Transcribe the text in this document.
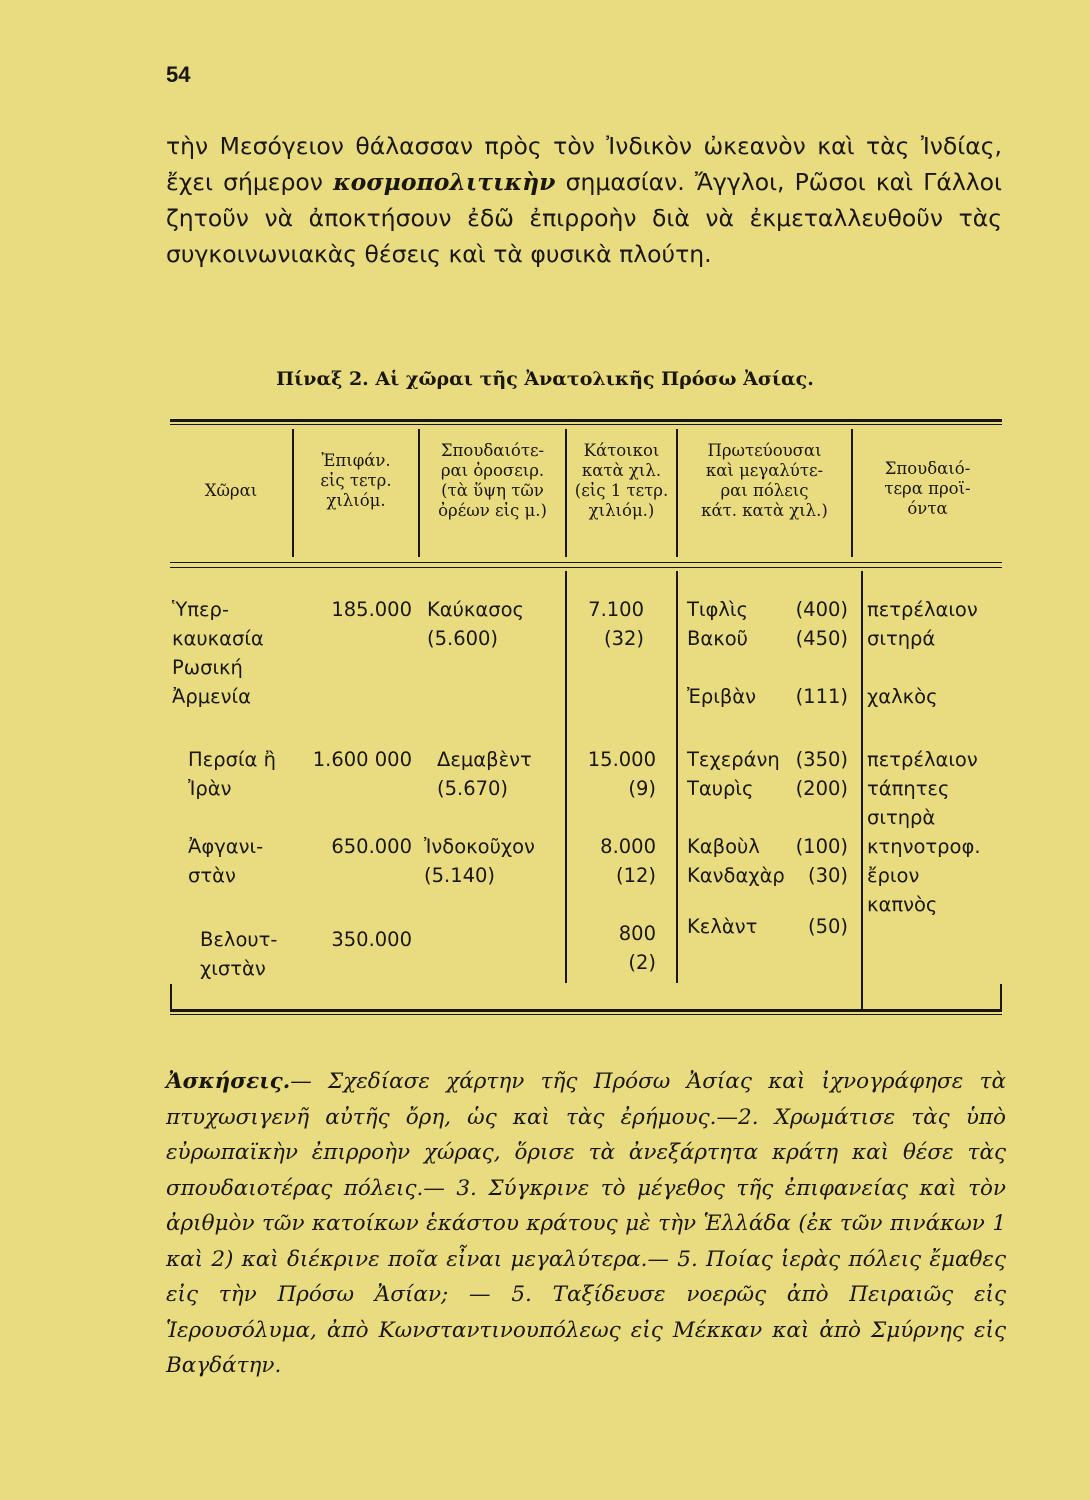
54

τὴν Μεσόγειον θάλασσαν πρὸς τὸν Ἰνδικὸν ὠκεανὸν καὶ τὰς Ἰνδίας, ἔχει σήμερον κοσμοπολιτικὴν σημασίαν. Ἄγγλοι, Ρῶσοι καὶ Γάλλοι ζητοῦν νὰ ἀποκτήσουν ἐδῶ ἐπιρροὴν διὰ νὰ ἐκμεταλλευθοῦν τὰς συγκοινωνιακὰς θέσεις καὶ τὰ φυσικὰ πλούτη.

Πίναξ 2. Αἱ χῶραι τῆς Ἀνατολικῆς Πρόσω Ἀσίας.
Χῶραι
Ἐπιφάν.
εἰς τετρ.
χιλιόμ.
Σπουδαιότε-
ραι ὀροσειρ.
(τὰ ὕψη τῶν
ὀρέων εἰς μ.)
Κάτοικοι
κατὰ χιλ.
(εἰς 1 τετρ.
χιλιόμ.)
Πρωτεύουσαι
καὶ μεγαλύτε-
ραι πόλεις
κάτ. κατὰ χιλ.)
Σπουδαιό-
τερα προϊ-
όντα
Ὑπερ-
καυκασία
Ρωσική
Ἀρμενία
185.000 Καύκασος
(5.600)
7.100
(32)
Τιφλὶς
Βακοῦ

Ἐριβὰν
(400)
(450)

(111)
πετρέλαιον
σιτηρά

χαλκὸς
Περσία ἢ
Ἰρὰν
1.600 000 Δεμαβὲντ
(5.670)
15.000
(9)
Τεχεράνη
Ταυρὶς
(350)
(200)
πετρέλαιον
τάπητες
σιτηρὰ
Ἀφγανι-
στὰν
650.000 Ἰνδοκοῦχον
(5.140)
8.000
(12)
Καβοὺλ
Κανδαχὰρ
(100)
(30)
κτηνοτροφ.
ἔριον
καπνὸς
Βελουτ-
χιστὰν
350.000	800
(2)
Κελὰντ	(50)

Ἀσκήσεις.— Σχεδίασε χάρτην τῆς Πρόσω Ἀσίας καὶ ἰχνογράφησε τὰ πτυχωσιγενῆ αὐτῆς ὄρη, ὡς καὶ τὰς ἐρήμους.—2. Χρωμάτισε τὰς ὑπὸ εὐρωπαϊκὴν ἐπιρροὴν χώρας, ὅρισε τὰ ἀνεξάρτητα κράτη καὶ θέσε τὰς σπουδαιοτέρας πόλεις.— 3. Σύγκρινε τὸ μέγεθος τῆς ἐπιφανείας καὶ τὸν ἀριθμὸν τῶν κατοίκων ἑκάστου κράτους μὲ τὴν Ἑλλάδα (ἐκ τῶν πινάκων 1 καὶ 2) καὶ διέκρινε ποῖα εἶναι μεγαλύτερα.— 5. Ποίας ἱερὰς πόλεις ἔμαθες εἰς τὴν Πρόσω Ἀσίαν; — 5. Ταξίδευσε νοερῶς ἀπὸ Πειραιῶς εἰς Ἱερουσόλυμα, ἀπὸ Κωνσταντινουπόλεως εἰς Μέκκαν καὶ ἀπὸ Σμύρνης εἰς Βαγδάτην.
